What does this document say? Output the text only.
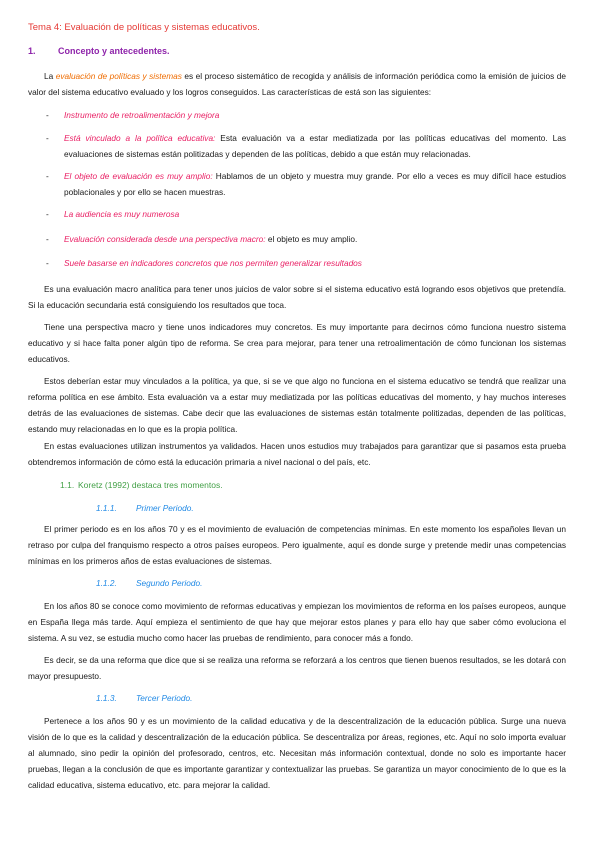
Tema 4: Evaluación de políticas y sistemas educativos.
1. Concepto y antecedentes.
La evaluación de políticas y sistemas es el proceso sistemático de recogida y análisis de información periódica como la emisión de juicios de valor del sistema educativo evaluado y los logros conseguidos. Las características de está son las siguientes:
- Instrumento de retroalimentación y mejora
- Está vinculado a la política educativa: Esta evaluación va a estar mediatizada por las políticas educativas del momento. Las evaluaciones de sistemas están politizadas y dependen de las políticas, debido a que están muy relacionadas.
- El objeto de evaluación es muy amplio: Hablamos de un objeto y muestra muy grande. Por ello a veces es muy difícil hace estudios poblacionales y por ello se hacen muestras.
- La audiencia es muy numerosa
- Evaluación considerada desde una perspectiva macro: el objeto es muy amplio.
- Suele basarse en indicadores concretos que nos permiten generalizar resultados
Es una evaluación macro analítica para tener unos juicios de valor sobre si el sistema educativo está logrando esos objetivos que pretendía. Si la educación secundaria está consiguiendo los resultados que toca.
Tiene una perspectiva macro y tiene unos indicadores muy concretos. Es muy importante para decirnos cómo funciona nuestro sistema educativo y si hace falta poner algún tipo de reforma. Se crea para mejorar, para tener una retroalimentación de cómo funcionan los sistemas educativos.
Estos deberían estar muy vinculados a la política, ya que, si se ve que algo no funciona en el sistema educativo se tendrá que realizar una reforma política en ese ámbito. Esta evaluación va a estar muy mediatizada por las políticas educativas del momento, y hay muchos intereses detrás de las evaluaciones de sistemas. Cabe decir que las evaluaciones de sistemas están totalmente politizadas, dependen de las políticas, estando muy relacionadas en lo que es la propia política.
En estas evaluaciones utilizan instrumentos ya validados. Hacen unos estudios muy trabajados para garantizar que si pasamos esta prueba obtendremos información de cómo está la educación primaria a nivel nacional o del país, etc.
1.1. Koretz (1992) destaca tres momentos.
1.1.1. Primer Periodo.
El primer periodo es en los años 70 y es el movimiento de evaluación de competencias mínimas. En este momento los españoles llevan un retraso por culpa del franquismo respecto a otros países europeos. Pero igualmente, aquí es donde surge y pretende medir unas competencias mínimas en los primeros años de estas evaluaciones de sistemas.
1.1.2. Segundo Periodo.
En los años 80 se conoce como movimiento de reformas educativas y empiezan los movimientos de reforma en los países europeos, aunque en España llega más tarde. Aquí empieza el sentimiento de que hay que mejorar estos planes y para ello hay que saber cómo evoluciona el sistema. A su vez, se estudia mucho como hacer las pruebas de rendimiento, para conocer más a fondo.
Es decir, se da una reforma que dice que si se realiza una reforma se reforzará a los centros que tienen buenos resultados, se les dotará con mayor presupuesto.
1.1.3. Tercer Periodo.
Pertenece a los años 90 y es un movimiento de la calidad educativa y de la descentralización de la educación pública. Surge una nueva visión de lo que es la calidad y descentralización de la educación pública. Se descentraliza por áreas, regiones, etc. Aquí no solo importa evaluar al alumnado, sino pedir la opinión del profesorado, centros, etc. Necesitan más información contextual, donde no solo es importante hacer pruebas, llegan a la conclusión de que es importante garantizar y contextualizar las pruebas. Se garantiza un mayor conocimiento de lo que es la calidad educativa, sistema educativo, etc. para mejorar la calidad.
